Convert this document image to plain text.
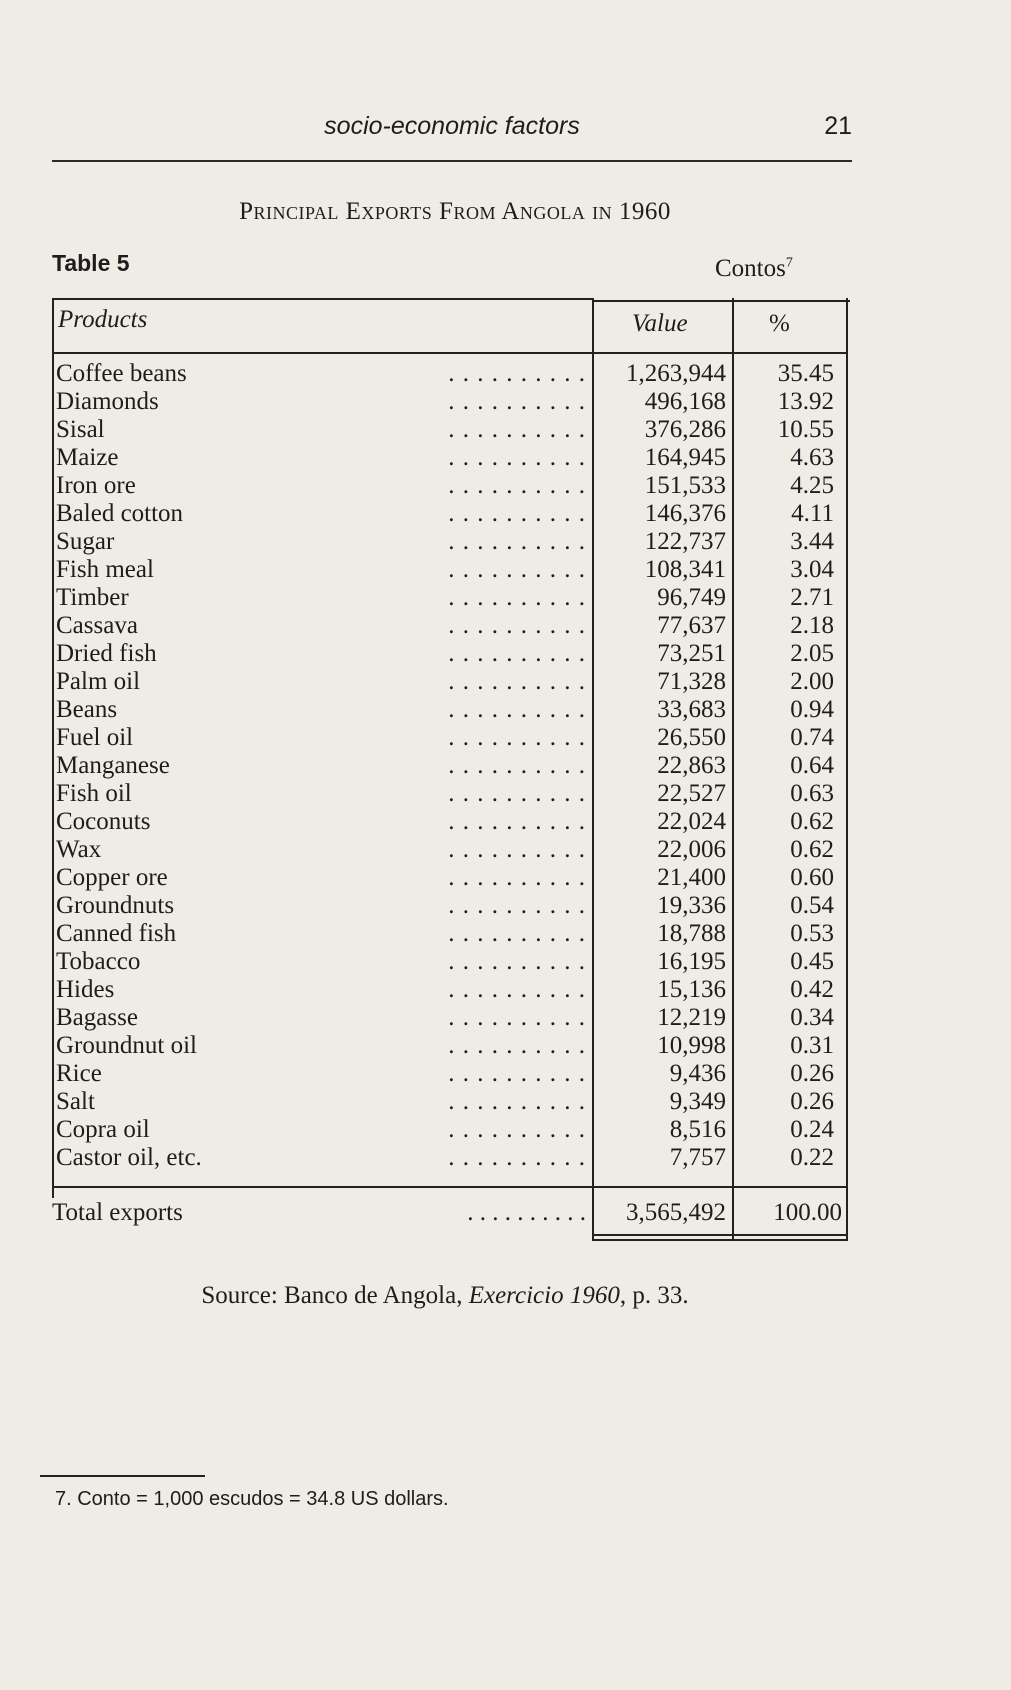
socio-economic factors	21
Principal Exports From Angola in 1960
Table 5	Contos$^7$
Products	Value	%
Coffee beans	. . . . . . . . . . 1,263,944 35.45
Diamonds	. . . . . . . . . . 496,168 13.92
Sisal	. . . . . . . . . . 376,286 10.55
Maize	. . . . . . . . . . 164,945	4.63
Iron ore	. . . . . . . . . . 151,533	4.25
Baled cotton	. . . . . . . . . . 146,376	4.11
Sugar	. . . . . . . . . . 122,737	3.44
Fish meal	. . . . . . . . . . 108,341	3.04
Timber	. . . . . . . . . .	96,749	2.71
Cassava	. . . . . . . . . .	77,637	2.18
Dried fish	. . . . . . . . . .	73,251	2.05
Palm oil	. . . . . . . . . .	71,328	2.00
Beans	. . . . . . . . . .	33,683	0.94
Fuel oil	. . . . . . . . . .	26,550	0.74
Manganese	. . . . . . . . . .	22,863	0.64
Fish oil	. . . . . . . . . .	22,527	0.63
Coconuts	. . . . . . . . . .	22,024	0.62
Wax	. . . . . . . . . .	22,006	0.62
Copper ore	. . . . . . . . . .	21,400	0.60
Groundnuts	. . . . . . . . . .	19,336	0.54
Canned fish	. . . . . . . . . .	18,788	0.53
Tobacco	. . . . . . . . . .	16,195	0.45
Hides	. . . . . . . . . .	15,136	0.42
Bagasse	. . . . . . . . . .	12,219	0.34
Groundnut oil	. . . . . . . . . .	10,998	0.31
Rice	. . . . . . . . . .	9,436	0.26
Salt	. . . . . . . . . .	9,349	0.26
Copra oil	. . . . . . . . . .	8,516	0.24
Castor oil, etc.	. . . . . . . . . .	7,757	0.22
Total exports	. . . . . . . . . . 3,565,492 100.00
Source: Banco de Angola, Exercicio 1960, p. 33.
7. Conto = 1,000 escudos = 34.8 US dollars.
